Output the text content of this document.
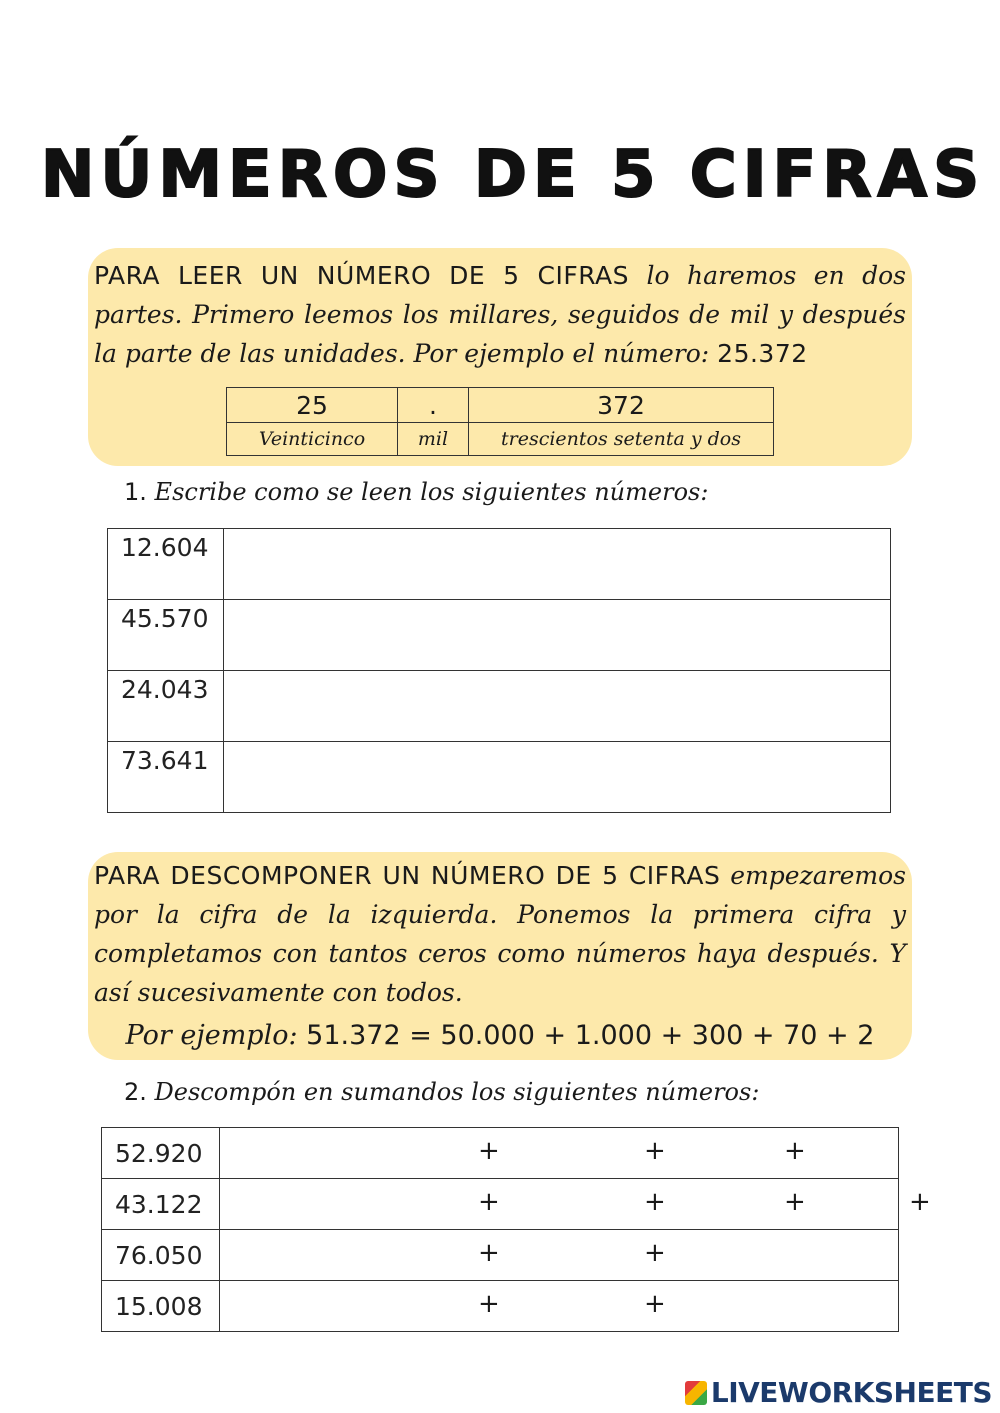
NÚMEROS DE 5 CIFRAS
PARA LEER UN NÚMERO DE 5 CIFRAS lo haremos en dos partes. Primero leemos los millares, seguidos de mil y después la parte de las unidades. Por ejemplo el número: 25.372
25	.	372
Veinticinco	mil	trescientos setenta y dos
1. Escribe como se leen los siguientes números:
12.604	
45.570	
24.043	
73.641	
PARA DESCOMPONER UN NÚMERO DE 5 CIFRAS empezaremos por la cifra de la izquierda. Ponemos la primera cifra y completamos con tantos ceros como números haya después. Y así sucesivamente con todos.
Por ejemplo: 51.372 = 50.000 + 1.000 + 300 + 70 + 2
2. Descompón en sumandos los siguientes números:
52.920	+ + +

43.122	+ + + +

76.050	+ +

15.008	+ +
LIVEWORKSHEETS
